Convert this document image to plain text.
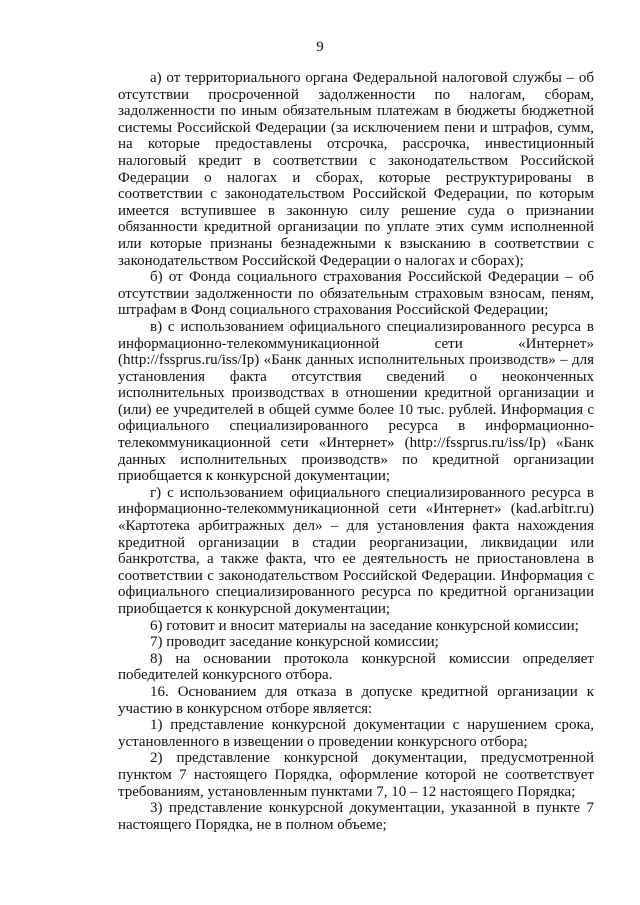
9

а) от территориального органа Федеральной налоговой службы – об отсутствии просроченной задолженности по налогам, сборам, задолженности по иным обязательным платежам в бюджеты бюджетной системы Российской Федерации (за исключением пени и штрафов, сумм, на которые предоставлены отсрочка, рассрочка, инвестиционный налоговый кредит в соответствии с законодательством Российской Федерации о налогах и сборах, которые реструктурированы в соответствии с законодательством Российской Федерации, по которым имеется вступившее в законную силу решение суда о признании обязанности кредитной организации по уплате этих сумм исполненной или которые признаны безнадежными к взысканию в соответствии с законодательством Российской Федерации о налогах и сборах);

б) от Фонда социального страхования Российской Федерации – об отсутствии задолженности по обязательным страховым взносам, пеням, штрафам в Фонд социального страхования Российской Федерации;

в) с использованием официального специализированного ресурса в информационно-телекоммуникационной сети «Интернет» (http://fssprus.ru/iss/Ip) «Банк данных исполнительных производств» – для установления факта отсутствия сведений о неоконченных исполнительных производствах в отношении кредитной организации и (или) ее учредителей в общей сумме более 10 тыс. рублей. Информация с официального специализированного ресурса в информационно-телекоммуникационной сети «Интернет» (http://fssprus.ru/iss/Ip) «Банк данных исполнительных производств» по кредитной организации приобщается к конкурсной документации;

г) с использованием официального специализированного ресурса в информационно-телекоммуникационной сети «Интернет» (kad.arbitr.ru) «Картотека арбитражных дел» – для установления факта нахождения кредитной организации в стадии реорганизации, ликвидации или банкротства, а также факта, что ее деятельность не приостановлена в соответствии с законодательством Российской Федерации. Информация с официального специализированного ресурса по кредитной организации приобщается к конкурсной документации;

6) готовит и вносит материалы на заседание конкурсной комиссии;

7) проводит заседание конкурсной комиссии;

8) на основании протокола конкурсной комиссии определяет победителей конкурсного отбора.

16. Основанием для отказа в допуске кредитной организации к участию в конкурсном отборе является:

1) представление конкурсной документации с нарушением срока, установленного в извещении о проведении конкурсного отбора;

2) представление конкурсной документации, предусмотренной пунктом 7 настоящего Порядка, оформление которой не соответствует требованиям, установленным пунктами 7, 10 – 12 настоящего Порядка;

3) представление конкурсной документации, указанной в пункте 7 настоящего Порядка, не в полном объеме;
